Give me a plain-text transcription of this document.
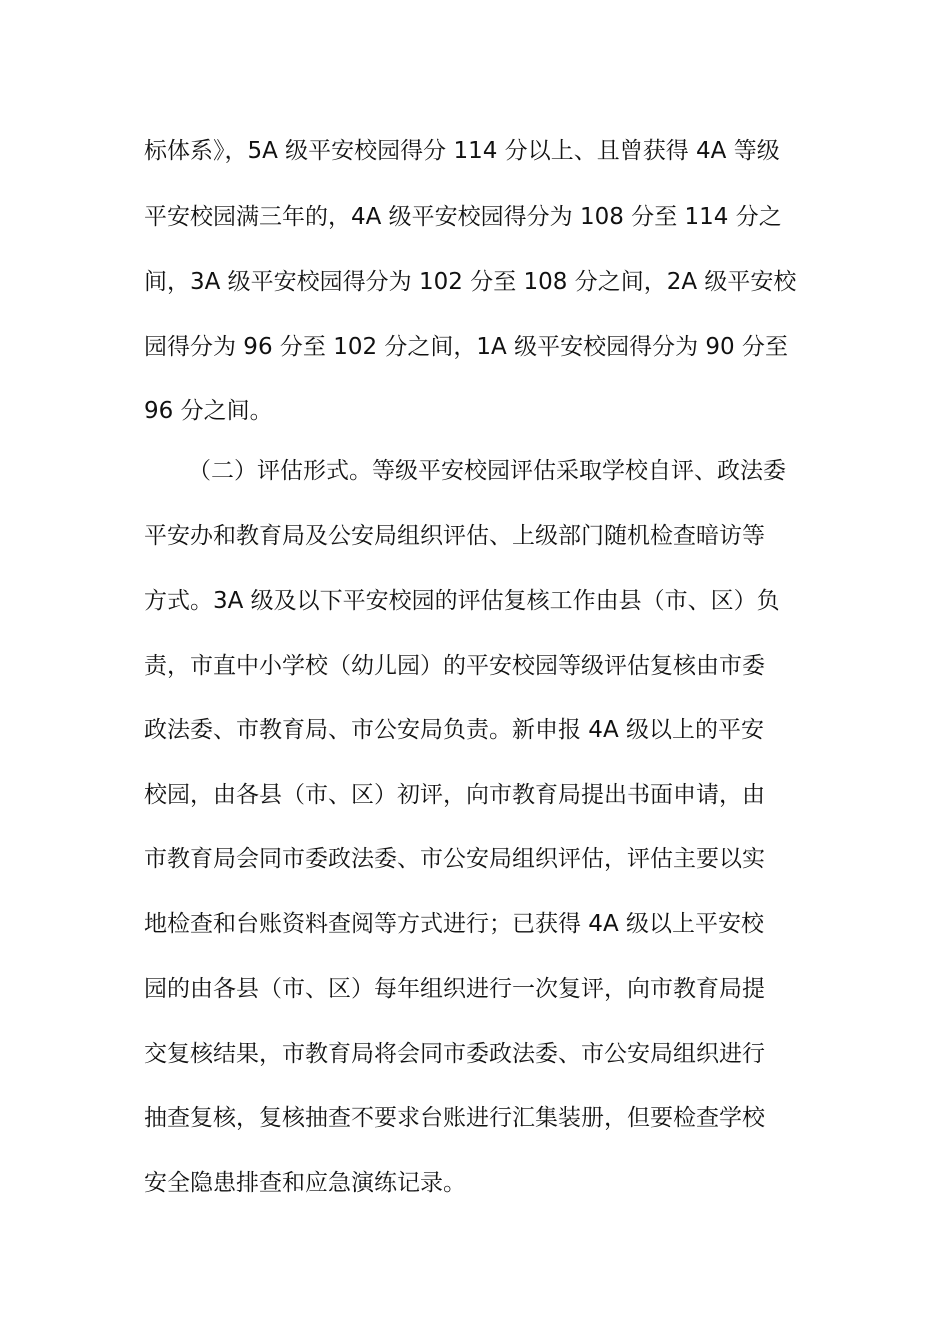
标体系》，5A 级平安校园得分 114 分以上、且曾获得 4A 等级
平安校园满三年的，4A 级平安校园得分为 108 分至 114 分之
间，3A 级平安校园得分为 102 分至 108 分之间，2A 级平安校
园得分为 96 分至 102 分之间，1A 级平安校园得分为 90 分至
96 分之间。
（二）评估形式。等级平安校园评估采取学校自评、政法委
平安办和教育局及公安局组织评估、上级部门随机检查暗访等
方式。3A 级及以下平安校园的评估复核工作由县（市、区）负
责，市直中小学校（幼儿园）的平安校园等级评估复核由市委
政法委、市教育局、市公安局负责。新申报 4A 级以上的平安
校园，由各县（市、区）初评，向市教育局提出书面申请，由
市教育局会同市委政法委、市公安局组织评估，评估主要以实
地检查和台账资料查阅等方式进行；已获得 4A 级以上平安校
园的由各县（市、区）每年组织进行一次复评，向市教育局提
交复核结果，市教育局将会同市委政法委、市公安局组织进行
抽查复核，复核抽查不要求台账进行汇集装册，但要检查学校
安全隐患排查和应急演练记录。
